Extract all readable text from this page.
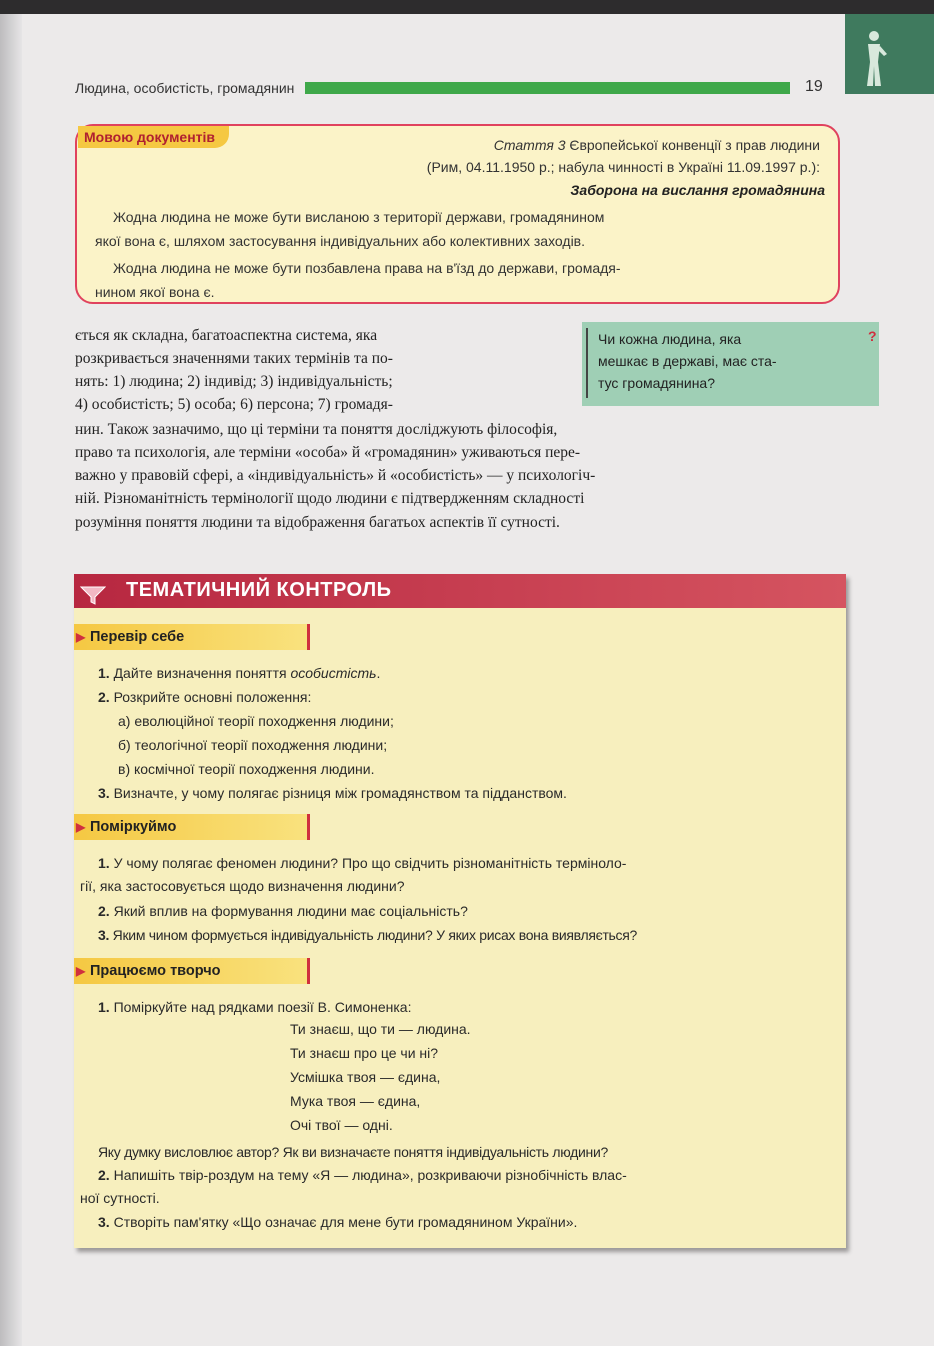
Людина, особистість, громадянин	19
Мовою документів	Стаття 3 Європейської конвенції з прав людини
(Рим, 04.11.1950 р.; набула чинності в Україні 11.09.1997 р.):
Заборона на вислання громадянина
Жодна людина не може бути висланою з території держави, громадянином
якої вона є, шляхом застосування індивідуальних або колективних заходів.
Жодна людина не може бути позбавлена права на в'їзд до держави, громадя-
нином якої вона є.
ється як складна, багатоаспектна система, яка
розкривається значеннями таких термінів та по-
нять: 1) людина; 2) індивід; 3) індивідуальність;
4) особистість; 5) особа; 6) персона; 7) громадя-
нин. Також зазначимо, що ці терміни та поняття досліджують філософія,
право та психологія, але терміни «особа» й «громадянин» уживаються пере-
важно у правовій сфері, а «індивідуальність» й «особистість» — у психологіч-
ній. Різноманітність термінології щодо людини є підтвердженням складності
розуміння поняття людини та відображення багатьох аспектів її сутності.
Чи кожна людина, яка
мешкає в державі, має ста-
тус громадянина?
?
ТЕМАТИЧНИЙ КОНТРОЛЬ
▶ Перевір себе
1. Дайте визначення поняття особистість.
2. Розкрийте основні положення:
а) еволюційної теорії походження людини;
б) теологічної теорії походження людини;
в) космічної теорії походження людини.
3. Визначте, у чому полягає різниця між громадянством та підданством.
▶ Поміркуймо
1. У чому полягає феномен людини? Про що свідчить різноманітність терміноло-
гії, яка застосовується щодо визначення людини?
2. Який вплив на формування людини має соціальність?
3. Яким чином формується індивідуальність людини? У яких рисах вона виявляється?
▶ Працюємо творчо
1. Поміркуйте над рядками поезії В. Симоненка:
Ти знаєш, що ти — людина.
Ти знаєш про це чи ні?
Усмішка твоя — єдина,
Мука твоя — єдина,
Очі твої — одні.
Яку думку висловлює автор? Як ви визначаєте поняття індивідуальність людини?
2. Напишіть твір-роздум на тему «Я — людина», розкриваючи різнобічність влас-
ної сутності.
3. Створіть пам'ятку «Що означає для мене бути громадянином України».
